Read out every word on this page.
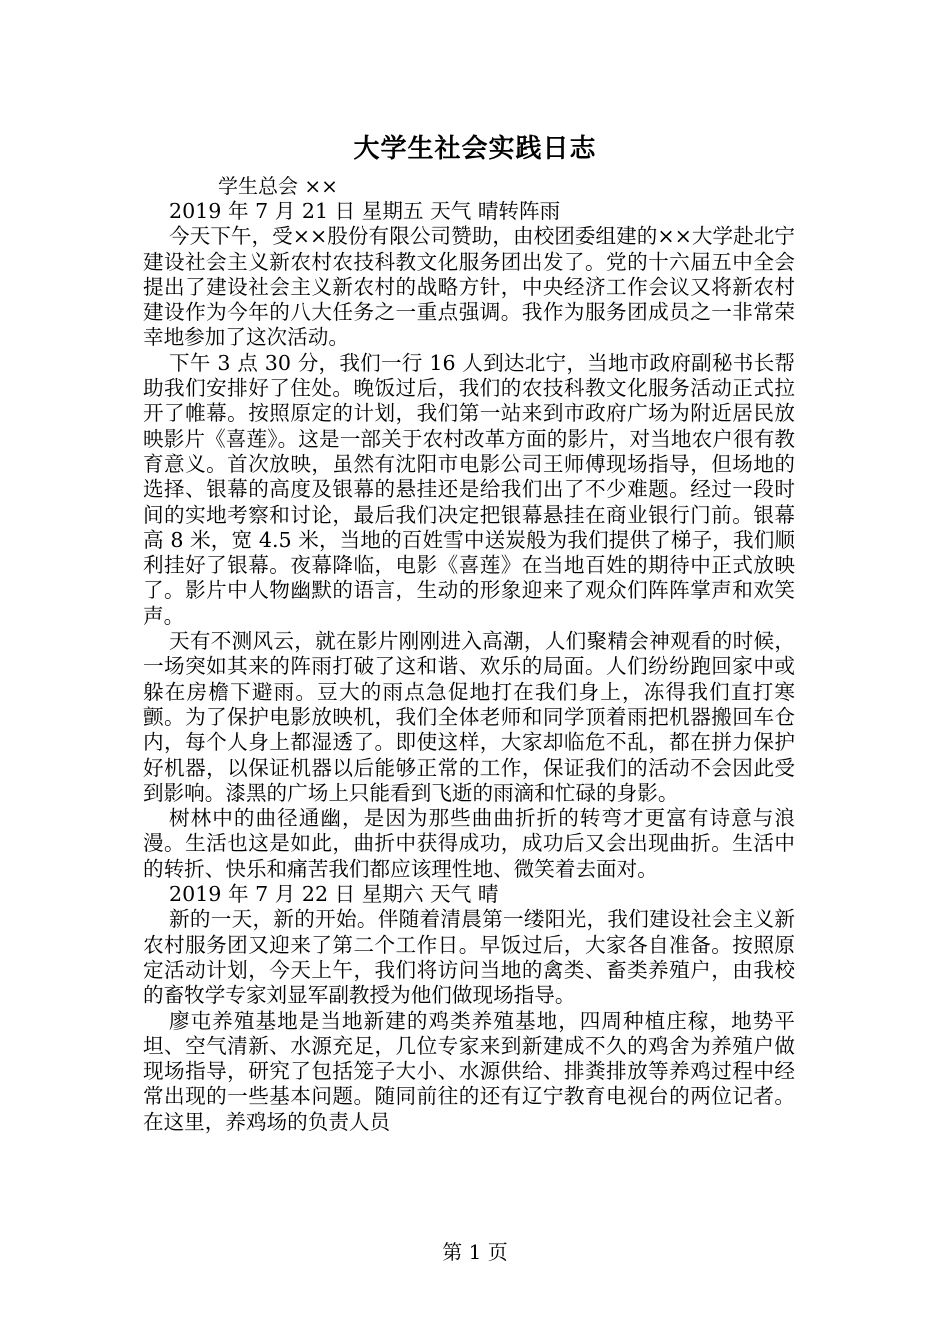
大学生社会实践日志
学生总会 ××

2019 年 7 月 21 日 星期五 天气 晴转阵雨

今天下午，受××股份有限公司赞助，由校团委组建的××大学赴北宁建设社会主义新农村农技科教文化服务团出发了。党的十六届五中全会提出了建设社会主义新农村的战略方针，中央经济工作会议又将新农村建设作为今年的八大任务之一重点强调。我作为服务团成员之一非常荣幸地参加了这次活动。

下午 3 点 30 分，我们一行 16 人到达北宁，当地市政府副秘书长帮助我们安排好了住处。晚饭过后，我们的农技科教文化服务活动正式拉开了帷幕。按照原定的计划，我们第一站来到市政府广场为附近居民放映影片《喜莲》。这是一部关于农村改革方面的影片，对当地农户很有教育意义。首次放映，虽然有沈阳市电影公司王师傅现场指导，但场地的选择、银幕的高度及银幕的悬挂还是给我们出了不少难题。经过一段时间的实地考察和讨论，最后我们决定把银幕悬挂在商业银行门前。银幕高 8 米，宽 4.5 米，当地的百姓雪中送炭般为我们提供了梯子，我们顺利挂好了银幕。夜幕降临，电影《喜莲》在当地百姓的期待中正式放映了。影片中人物幽默的语言，生动的形象迎来了观众们阵阵掌声和欢笑声。

天有不测风云，就在影片刚刚进入高潮，人们聚精会神观看的时候，一场突如其来的阵雨打破了这和谐、欢乐的局面。人们纷纷跑回家中或躲在房檐下避雨。豆大的雨点急促地打在我们身上，冻得我们直打寒颤。为了保护电影放映机，我们全体老师和同学顶着雨把机器搬回车仓内，每个人身上都湿透了。即使这样，大家却临危不乱，都在拼力保护好机器，以保证机器以后能够正常的工作，保证我们的活动不会因此受到影响。漆黑的广场上只能看到飞逝的雨滴和忙碌的身影。

树林中的曲径通幽，是因为那些曲曲折折的转弯才更富有诗意与浪漫。生活也这是如此，曲折中获得成功，成功后又会出现曲折。生活中的转折、快乐和痛苦我们都应该理性地、微笑着去面对。

2019 年 7 月 22 日 星期六 天气 晴

新的一天，新的开始。伴随着清晨第一缕阳光，我们建设社会主义新农村服务团又迎来了第二个工作日。早饭过后，大家各自准备。按照原定活动计划，今天上午，我们将访问当地的禽类、畜类养殖户，由我校的畜牧学专家刘显军副教授为他们做现场指导。

廖屯养殖基地是当地新建的鸡类养殖基地，四周种植庄稼，地势平坦、空气清新、水源充足，几位专家来到新建成不久的鸡舍为养殖户做现场指导，研究了包括笼子大小、水源供给、排粪排放等养鸡过程中经常出现的一些基本问题。随同前往的还有辽宁教育电视台的两位记者。在这里，养鸡场的负责人员

第 1 页
